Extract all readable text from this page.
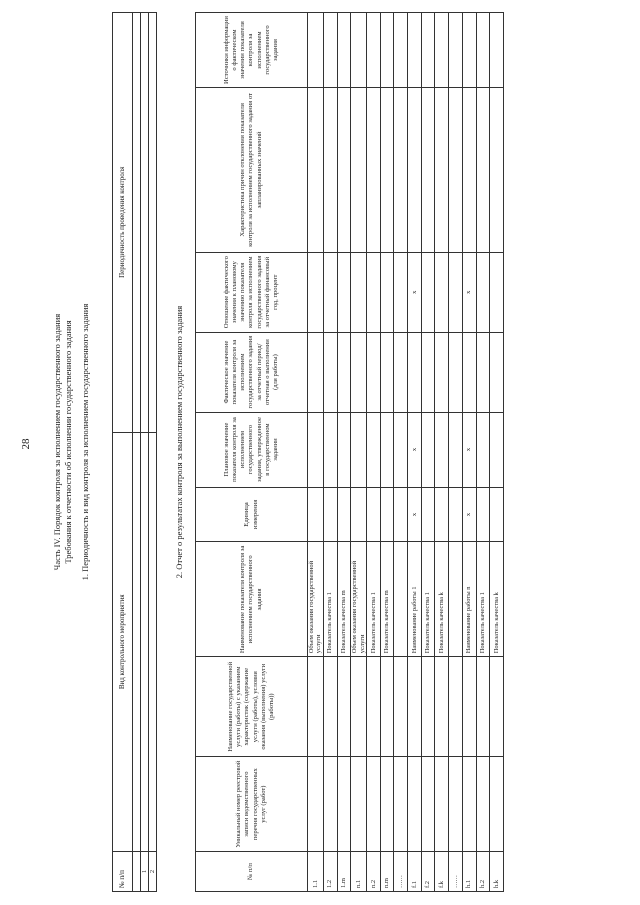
28 Часть IV. Порядок контроля за исполнением государственного задания Требования к отчетности об исполнении государственного задания 1. Периодичность и вид контроля за исполнением государственного задания
№ п/п	Вид контрольного мероприятия	Периодичность проведения контроля

1		
2		
2. Отчет о результатах контроля за выполнением государственного задания
№ п/п	Уникальный номер реестровой записи ведомственного перечня государственных услуг (работ)	Наименование государственной услуги (работы) с указанием характеристик (содержание услуги (работы), условия оказания (выполнения) услуги (работы))	Наименование показателя контроля за исполнением государственного задания	Единица измерения	Плановое значение показателя контроля за исполнением государственного задания, утвержденное в государственном задании	Фактическое значение показателя контроля за исполнением государственного задания за отчетный период/отчетная о выполнении (для работы)	Отношение фактического значения к плановому значению показателя контроля за исполнением государственного задания за отчетный финансовый год, процент	Характеристика причин отклонения показателя контроля за исполнением государственного задания от запланированных значений	Источники информации о фактическом значении показателя контроля за исполнением государственного задания
1.1			Объем оказания государственной услуги						
1.2			Показатель качества 1						
1.m			Показатель качества m						
n.1			Объем оказания государственной услуги						
n.2			Показатель качества 1						
n.m			Показатель качества m						
……									
f.1			Наименование работы 1	x	x		x		
f.2			Показатель качества 1						
f.k			Показатель качества k						
……									
h.1			Наименование работы n	x	x		x		
h.2			Показатель качества 1						
h.k			Показатель качества k						
